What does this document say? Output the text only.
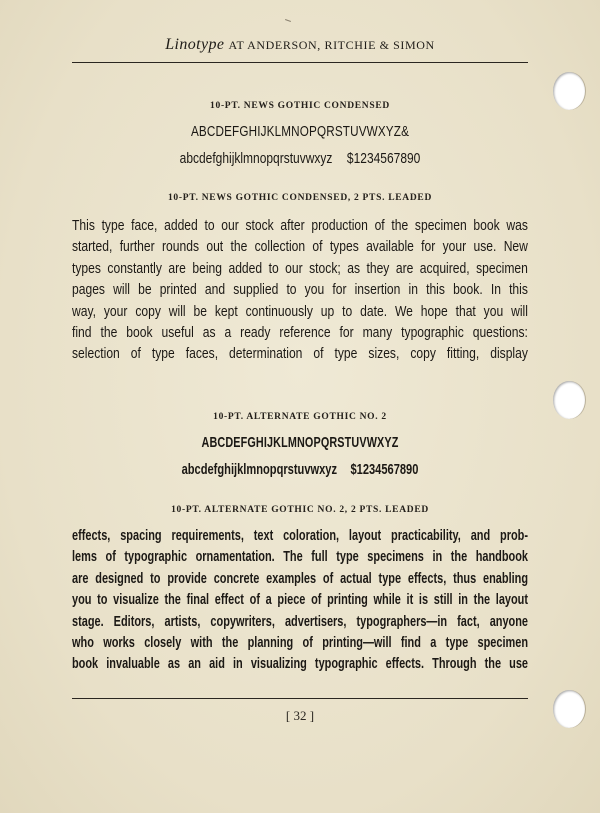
Linotype AT ANDERSON, RITCHIE & SIMON
10-PT. NEWS GOTHIC CONDENSED
ABCDEFGHIJKLMNOPQRSTUVWXYZ&
abcdefghijklmnopqrstuvwxyz $1234567890
10-PT. NEWS GOTHIC CONDENSED, 2 PTS. LEADED
This type face, added to our stock after production of the specimen book was
started, further rounds out the collection of types available for your use. New
types constantly are being added to our stock; as they are acquired, specimen
pages will be printed and supplied to you for insertion in this book. In this
way, your copy will be kept continuously up to date. We hope that you will
find the book useful as a ready reference for many typographic questions:
selection of type faces, determination of type sizes, copy fitting, display
10-PT. ALTERNATE GOTHIC NO. 2
ABCDEFGHIJKLMNOPQRSTUVWXYZ
abcdefghijklmnopqrstuvwxyz $1234567890
10-PT. ALTERNATE GOTHIC NO. 2, 2 PTS. LEADED
effects, spacing requirements, text coloration, layout practicability, and prob-
lems of typographic ornamentation. The full type specimens in the handbook
are designed to provide concrete examples of actual type effects, thus enabling
you to visualize the final effect of a piece of printing while it is still in the layout
stage. Editors, artists, copywriters, advertisers, typographers—in fact, anyone
who works closely with the planning of printing—will find a type specimen
book invaluable as an aid in visualizing typographic effects. Through the use
[ 32 ]
